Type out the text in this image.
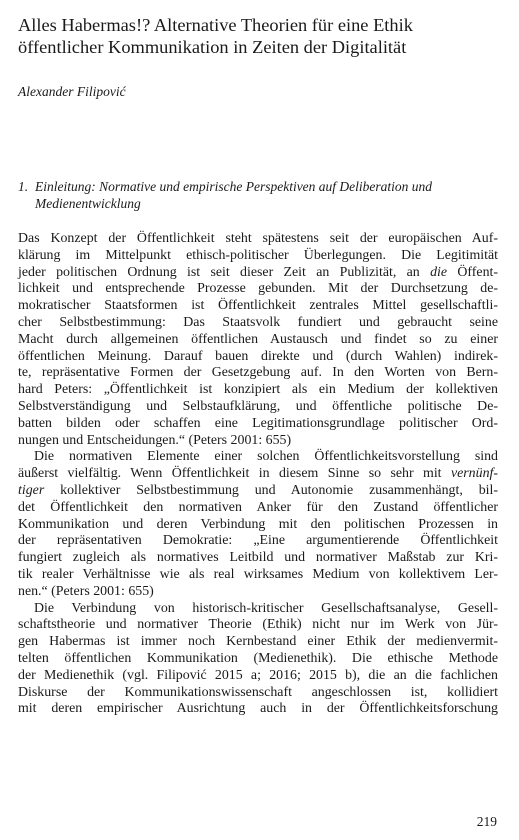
Alles Habermas!? Alternative Theorien für eine Ethik
öffentlicher Kommunikation in Zeiten der Digitalität
Alexander Filipović
1. Einleitung: Normative und empirische Perspektiven auf Deliberation und
Medienentwicklung
Das Konzept der Öffentlichkeit steht spätestens seit der europäischen Auf-
klärung im Mittelpunkt ethisch-politischer Überlegungen. Die Legitimität
jeder politischen Ordnung ist seit dieser Zeit an Publizität, an die Öffent-
lichkeit und entsprechende Prozesse gebunden. Mit der Durchsetzung de-
mokratischer Staatsformen ist Öffentlichkeit zentrales Mittel gesellschaftli-
cher Selbstbestimmung: Das Staatsvolk fundiert und gebraucht seine
Macht durch allgemeinen öffentlichen Austausch und findet so zu einer
öffentlichen Meinung. Darauf bauen direkte und (durch Wahlen) indirek-
te, repräsentative Formen der Gesetzgebung auf. In den Worten von Bern-
hard Peters: „Öffentlichkeit ist konzipiert als ein Medium der kollektiven
Selbstverständigung und Selbstaufklärung, und öffentliche politische De-
batten bilden oder schaffen eine Legitimationsgrundlage politischer Ord-
nungen und Entscheidungen.“ (Peters 2001: 655)
Die normativen Elemente einer solchen Öffentlichkeitsvorstellung sind
äußerst vielfältig. Wenn Öffentlichkeit in diesem Sinne so sehr mit vernünf-
tiger kollektiver Selbstbestimmung und Autonomie zusammenhängt, bil-
det Öffentlichkeit den normativen Anker für den Zustand öffentlicher
Kommunikation und deren Verbindung mit den politischen Prozessen in
der repräsentativen Demokratie: „Eine argumentierende Öffentlichkeit
fungiert zugleich als normatives Leitbild und normativer Maßstab zur Kri-
tik realer Verhältnisse wie als real wirksames Medium von kollektivem Ler-
nen.“ (Peters 2001: 655)
Die Verbindung von historisch-kritischer Gesellschaftsanalyse, Gesell-
schaftstheorie und normativer Theorie (Ethik) nicht nur im Werk von Jür-
gen Habermas ist immer noch Kernbestand einer Ethik der medienvermit-
telten öffentlichen Kommunikation (Medienethik). Die ethische Methode
der Medienethik (vgl. Filipović 2015 a; 2016; 2015 b), die an die fachlichen
Diskurse der Kommunikationswissenschaft angeschlossen ist, kollidiert
mit deren empirischer Ausrichtung auch in der Öffentlichkeitsforschung
219
